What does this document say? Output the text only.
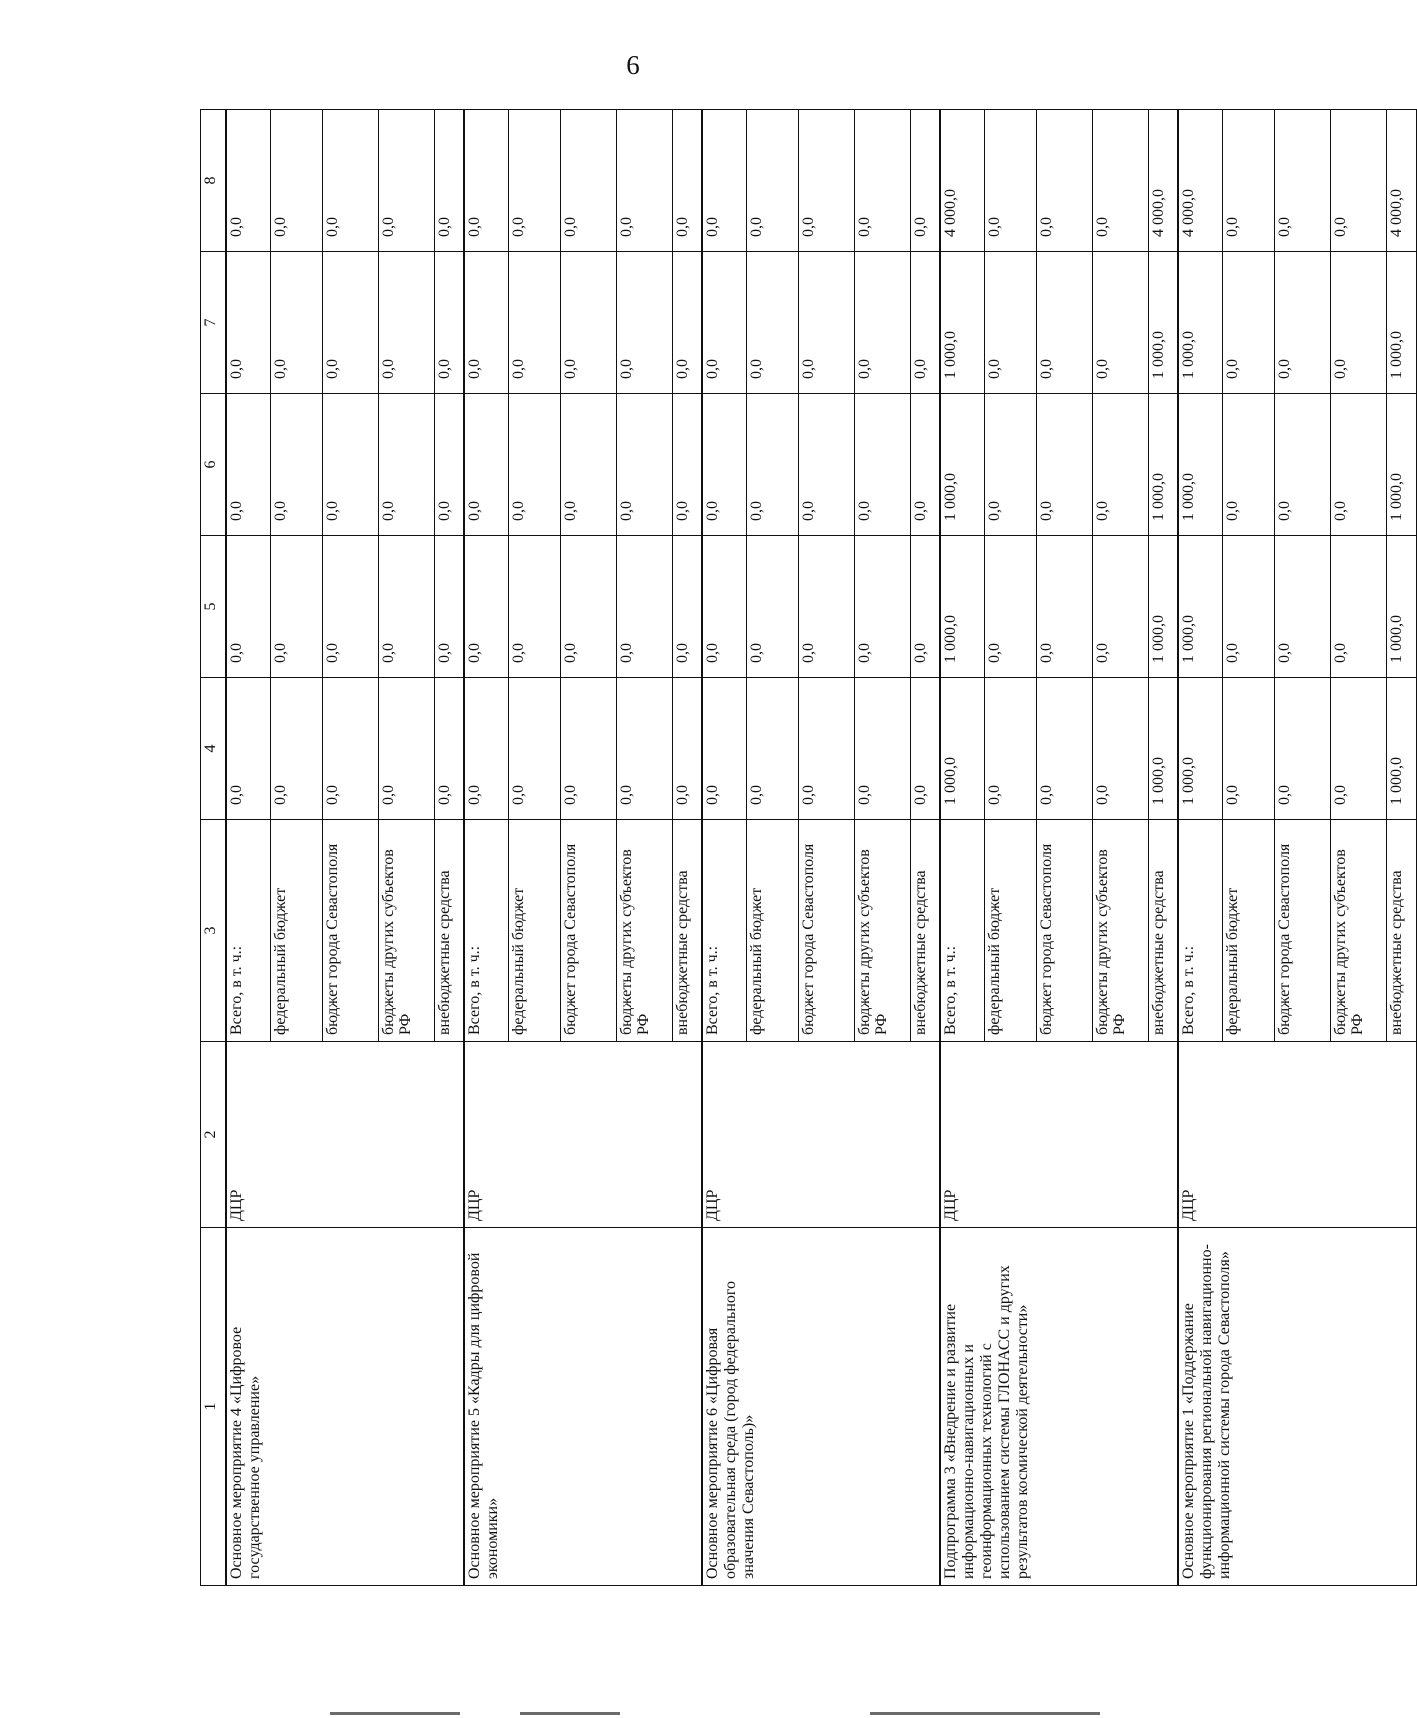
6
1	2	3	4	5	6	7	8
Основное мероприятие 4 «Цифровое государственное управление»	ДЦР	Всего, в т. ч.:	0,0	0,0	0,0	0,0	0,0
		федеральный бюджет	0,0	0,0	0,0	0,0	0,0
		бюджет города Севастополя	0,0	0,0	0,0	0,0	0,0
		бюджеты других субъектов РФ	0,0	0,0	0,0	0,0	0,0
		внебюджетные средства	0,0	0,0	0,0	0,0	0,0
Основное мероприятие 5 «Кадры для цифровой экономики»	ДЦР	Всего, в т. ч.:	0,0	0,0	0,0	0,0	0,0
		федеральный бюджет	0,0	0,0	0,0	0,0	0,0
		бюджет города Севастополя	0,0	0,0	0,0	0,0	0,0
		бюджеты других субъектов РФ	0,0	0,0	0,0	0,0	0,0
		внебюджетные средства	0,0	0,0	0,0	0,0	0,0
Основное мероприятие 6 «Цифровая образовательная среда (город федерального значения Севастополь)»	ДЦР	Всего, в т. ч.:	0,0	0,0	0,0	0,0	0,0
		федеральный бюджет	0,0	0,0	0,0	0,0	0,0
		бюджет города Севастополя	0,0	0,0	0,0	0,0	0,0
		бюджеты других субъектов РФ	0,0	0,0	0,0	0,0	0,0
		внебюджетные средства	0,0	0,0	0,0	0,0	0,0
Подпрограмма 3 «Внедрение и развитие информационно-навигационных и геоинформационных технологий с использованием системы ГЛОНАСС и других результатов космической деятельности»	ДЦР	Всего, в т. ч.:	1 000,0	1 000,0	1 000,0	1 000,0	4 000,0
		федеральный бюджет	0,0	0,0	0,0	0,0	0,0
		бюджет города Севастополя	0,0	0,0	0,0	0,0	0,0
		бюджеты других субъектов РФ	0,0	0,0	0,0	0,0	0,0
		внебюджетные средства	1 000,0	1 000,0	1 000,0	1 000,0	4 000,0
Основное мероприятие 1 «Поддержание функционирования региональной навигационно-информационной системы города Севастополя»	ДЦР	Всего, в т. ч.:	1 000,0	1 000,0	1 000,0	1 000,0	4 000,0
		федеральный бюджет	0,0	0,0	0,0	0,0	0,0
		бюджет города Севастополя	0,0	0,0	0,0	0,0	0,0
		бюджеты других субъектов РФ	0,0	0,0	0,0	0,0	0,0
		внебюджетные средства	1 000,0	1 000,0	1 000,0	1 000,0	4 000,0
